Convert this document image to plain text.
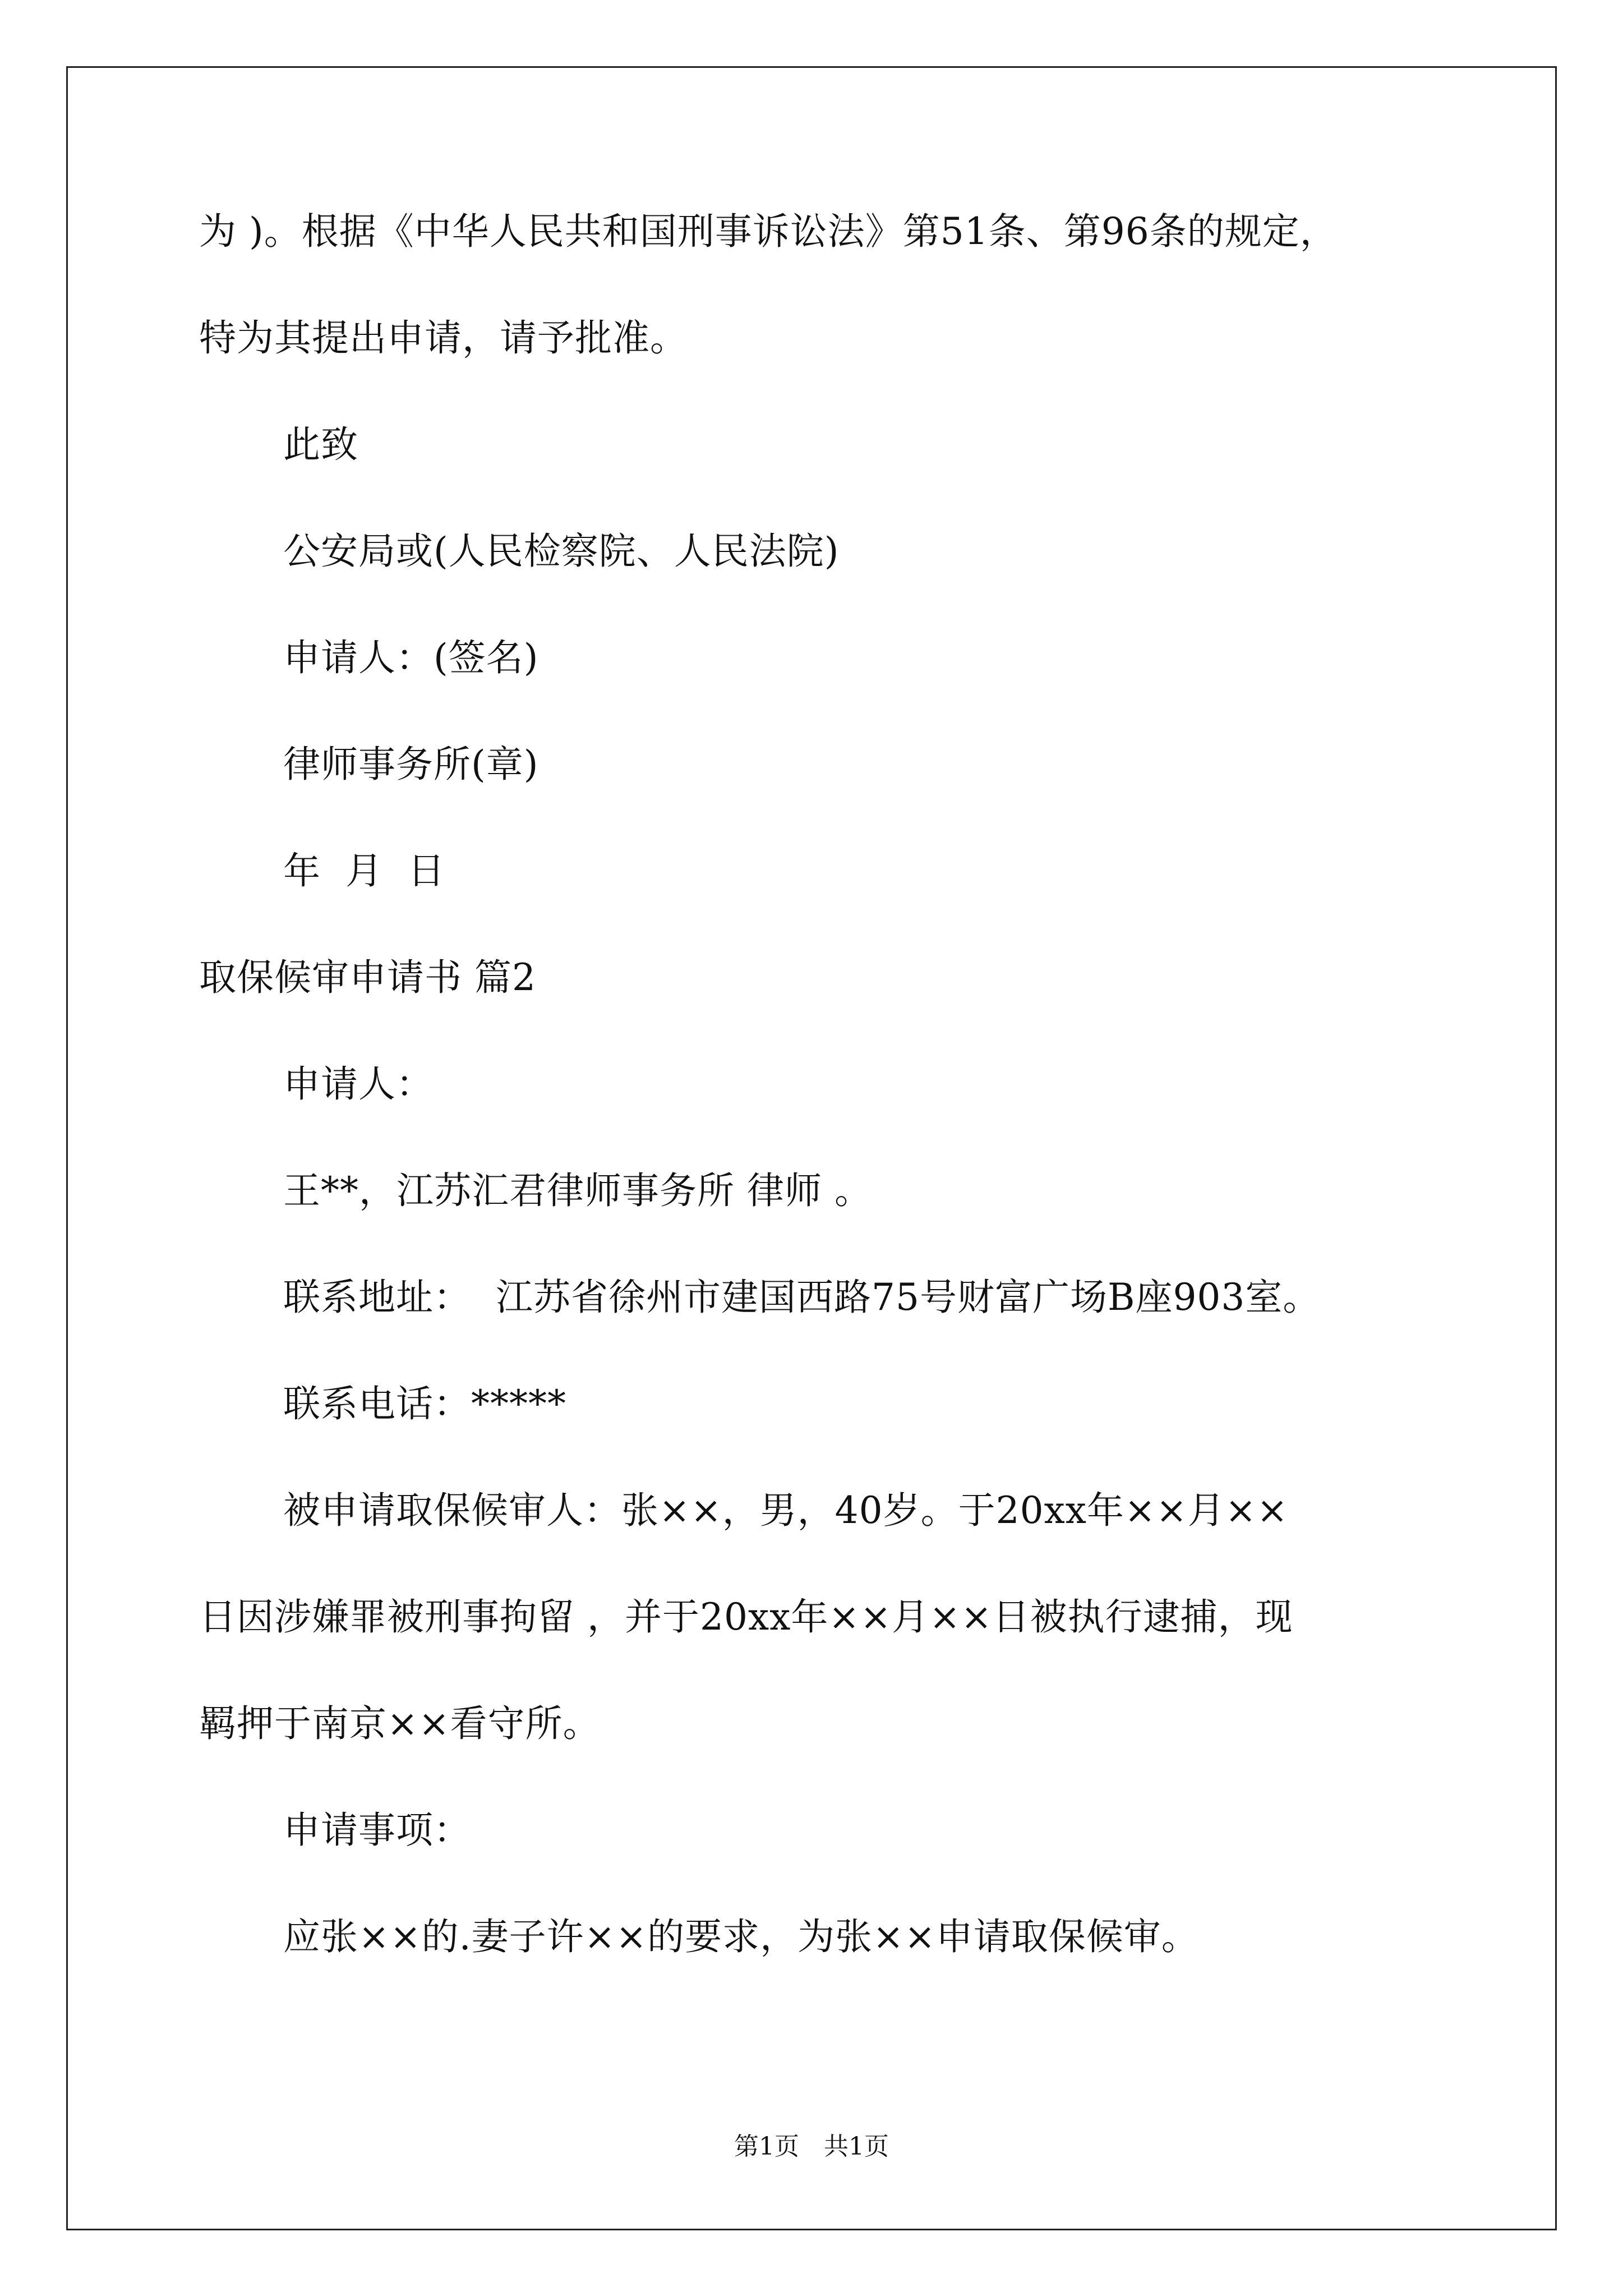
为 )。根据《中华人民共和国刑事诉讼法》第51条、第96条的规定，
特为其提出申请，请予批准。
此致
公安局或(人民检察院、人民法院)
申请人：(签名)
律师事务所(章)
年  月  日
取保候审申请书 篇2
申请人：
王**，江苏汇君律师事务所 律师 。
联系地址：  江苏省徐州市建国西路75号财富广场B座903室。
联系电话：*****
被申请取保候审人：张××，男，40岁。于20xx年××月××
日因涉嫌罪被刑事拘留 ，并于20xx年××月××日被执行逮捕，现
羁押于南京××看守所。
申请事项：
应张××的.妻子许××的要求，为张××申请取保候审。
第1页 共1页
